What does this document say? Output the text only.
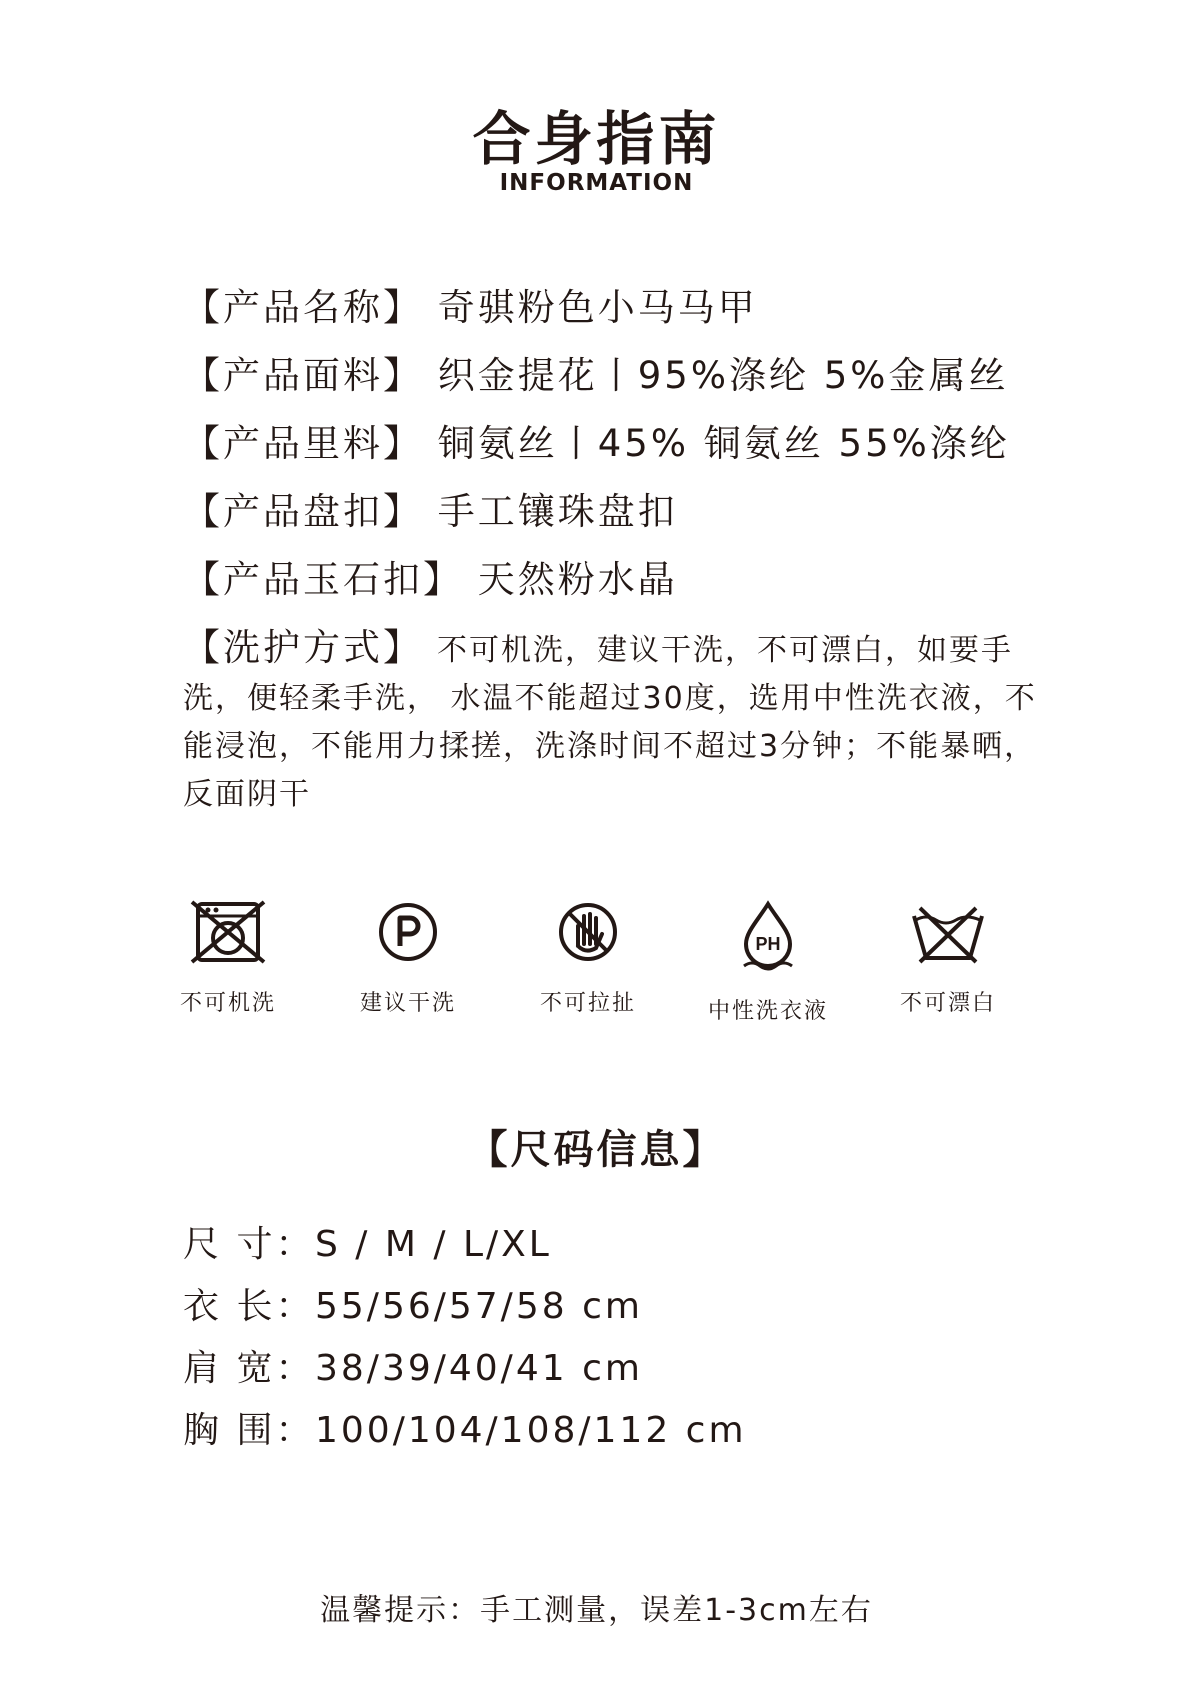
合身指南
INFORMATION
【产品名称】 奇骐粉色小马马甲
【产品面料】 织金提花丨95%涤纶 5%金属丝
【产品里料】 铜氨丝丨45% 铜氨丝 55%涤纶
【产品盘扣】 手工镶珠盘扣
【产品玉石扣】 天然粉水晶
【洗护方式】 不可机洗，建议干洗，不可漂白，如要手洗，便轻柔手洗， 水温不能超过30度，选用中性洗衣液，不能浸泡，不能用力揉搓，洗涤时间不超过3分钟；不能暴晒，反面阴干
不可机洗	建议干洗	不可拉扯
PH
中性洗衣液	不可漂白
【尺码信息】
尺 寸：S / M / L/XL
衣 长：55/56/57/58 cm
肩 宽：38/39/40/41 cm
胸 围：100/104/108/112 cm
温馨提示：手工测量，误差1-3cm左右
